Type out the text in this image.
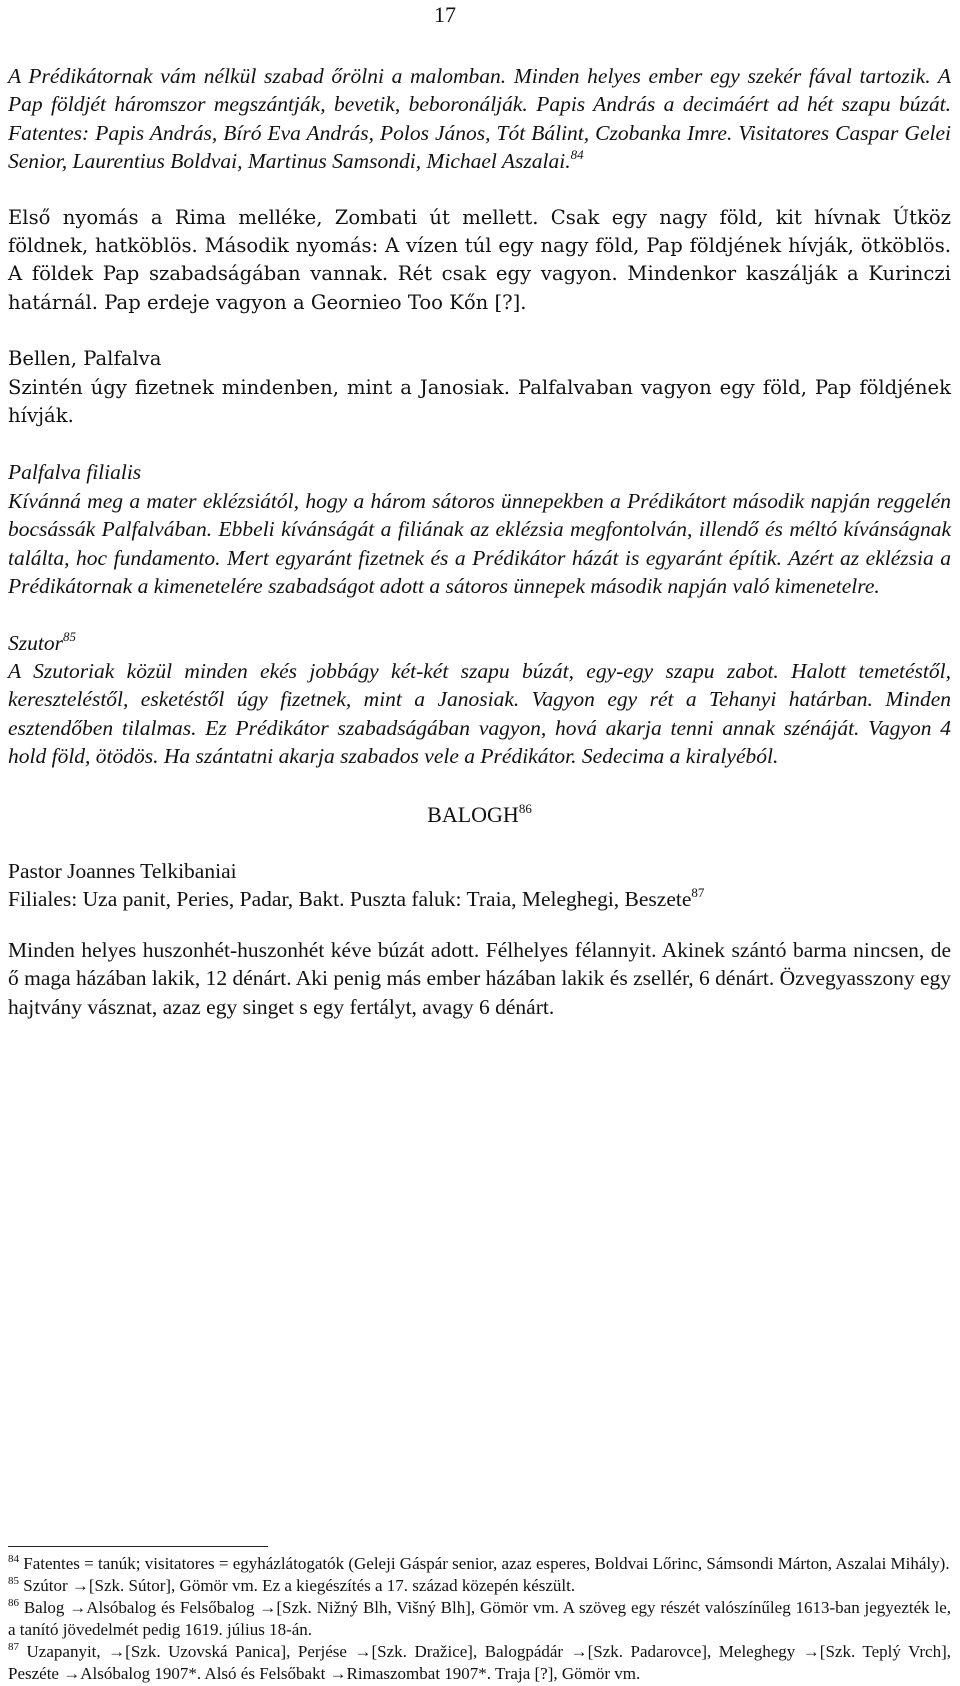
17

A Prédikátornak vám nélkül szabad őrölni a malomban. Minden helyes ember egy szekér fával tartozik. A Pap földjét háromszor megszántják, bevetik, beboronálják. Papis András a decimáért ad hét szapu búzát. Fatentes: Papis András, Bíró Eva András, Polos János, Tót Bálint, Czobanka Imre. Visitatores Caspar Gelei Senior, Laurentius Boldvai, Martinus Samsondi, Michael Aszalai.$^{84}$

Első nyomás a Rima melléke, Zombati út mellett. Csak egy nagy föld, kit hívnak Útköz földnek, hatköblös. Második nyomás: A vízen túl egy nagy föld, Pap földjének hívják, ötköblös. A földek Pap szabadságában vannak. Rét csak egy vagyon. Mindenkor kaszálják a Kurinczi határnál. Pap erdeje vagyon a Geornieo Too Kőn [?].

Bellen, Palfalva

Szintén úgy fizetnek mindenben, mint a Janosiak. Palfalvaban vagyon egy föld, Pap földjének hívják.

Palfalva filialis

Kívánná meg a mater eklézsiától, hogy a három sátoros ünnepekben a Prédikátort második napján reggelén bocsássák Palfalvában. Ebbeli kívánságát a filiának az eklézsia megfontolván, illendő és méltó kívánságnak találta, hoc fundamento. Mert egyaránt fizetnek és a Prédikátor házát is egyaránt építik. Azért az eklézsia a Prédikátornak a kimenetelére szabadságot adott a sátoros ünnepek második napján való kimenetelre.

Szutor$^{85}$

A Szutoriak közül minden ekés jobbágy két-két szapu búzát, egy-egy szapu zabot. Halott temetéstől, kereszteléstől, esketéstől úgy fizetnek, mint a Janosiak. Vagyon egy rét a Tehanyi határban. Minden esztendőben tilalmas. Ez Prédikátor szabadságában vagyon, hová akarja tenni annak szénáját. Vagyon 4 hold föld, ötödös. Ha szántatni akarja szabados vele a Prédikátor. Sedecima a kiralyéból.

BALOGH$^{86}$

Pastor Joannes Telkibaniai

Filiales: Uza panit, Peries, Padar, Bakt. Puszta faluk: Traia, Meleghegi, Beszete$^{87}$

Minden helyes huszonhét-huszonhét kéve búzát adott. Félhelyes félannyit. Akinek szántó barma nincsen, de ő maga házában lakik, 12 dénárt. Aki penig más ember házában lakik és zsellér, 6 dénárt. Özvegyasszony egy hajtvány vásznat, azaz egy singet s egy fertályt, avagy 6 dénárt.

$^{84}$ Fatentes = tanúk; visitatores = egyházlátogatók (Geleji Gáspár senior, azaz esperes, Boldvai Lőrinc, Sámsondi Márton, Aszalai Mihály).

$^{85}$ Szútor →[Szk. Sútor], Gömör vm. Ez a kiegészítés a 17. század közepén készült.

$^{86}$ Balog →Alsóbalog és Felsőbalog →[Szk. Nižný Blh, Višný Blh], Gömör vm. A szöveg egy részét valószínűleg 1613-ban jegyezték le, a tanító jövedelmét pedig 1619. július 18-án.

$^{87}$ Uzapanyit, →[Szk. Uzovská Panica], Perjése →[Szk. Dražice], Balogpádár →[Szk. Padarovce], Meleghegy →[Szk. Teplý Vrch], Peszéte →Alsóbalog 1907*. Alsó és Felsőbakt →Rimaszombat 1907*. Traja [?], Gömör vm.
